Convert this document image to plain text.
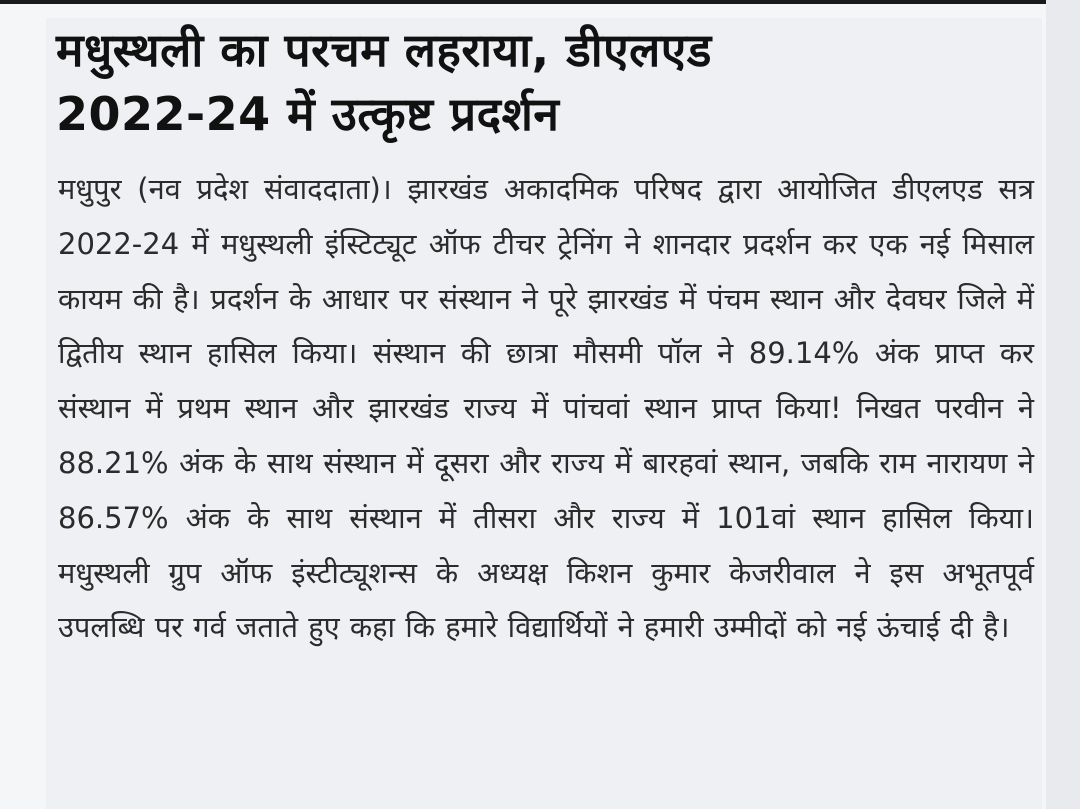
मधुस्थली का परचम लहराया, डीएलएड
2022-24 में उत्कृष्ट प्रदर्शन

मधुपुर (नव प्रदेश संवाददाता)। झारखंड अकादमिक परिषद द्वारा आयोजित डीएलएड सत्र 2022-24 में मधुस्थली इंस्टिट्यूट ऑफ टीचर ट्रेनिंग ने शानदार प्रदर्शन कर एक नई मिसाल कायम की है। प्रदर्शन के आधार पर संस्थान ने पूरे झारखंड में पंचम स्थान और देवघर जिले में द्वितीय स्थान हासिल किया। संस्थान की छात्रा मौसमी पॉल ने 89.14% अंक प्राप्त कर संस्थान में प्रथम स्थान और झारखंड राज्य में पांचवां स्थान प्राप्त किया! निखत परवीन ने 88.21% अंक के साथ संस्थान में दूसरा और राज्य में बारहवां स्थान, जबकि राम नारायण ने 86.57% अंक के साथ संस्थान में तीसरा और राज्य में 101वां स्थान हासिल किया। मधुस्थली ग्रुप ऑफ इंस्टीट्यूशन्स के अध्यक्ष किशन कुमार केजरीवाल ने इस अभूतपूर्व उपलब्धि पर गर्व जताते हुए कहा कि हमारे विद्यार्थियों ने हमारी उम्मीदों को नई ऊंचाई दी है।
